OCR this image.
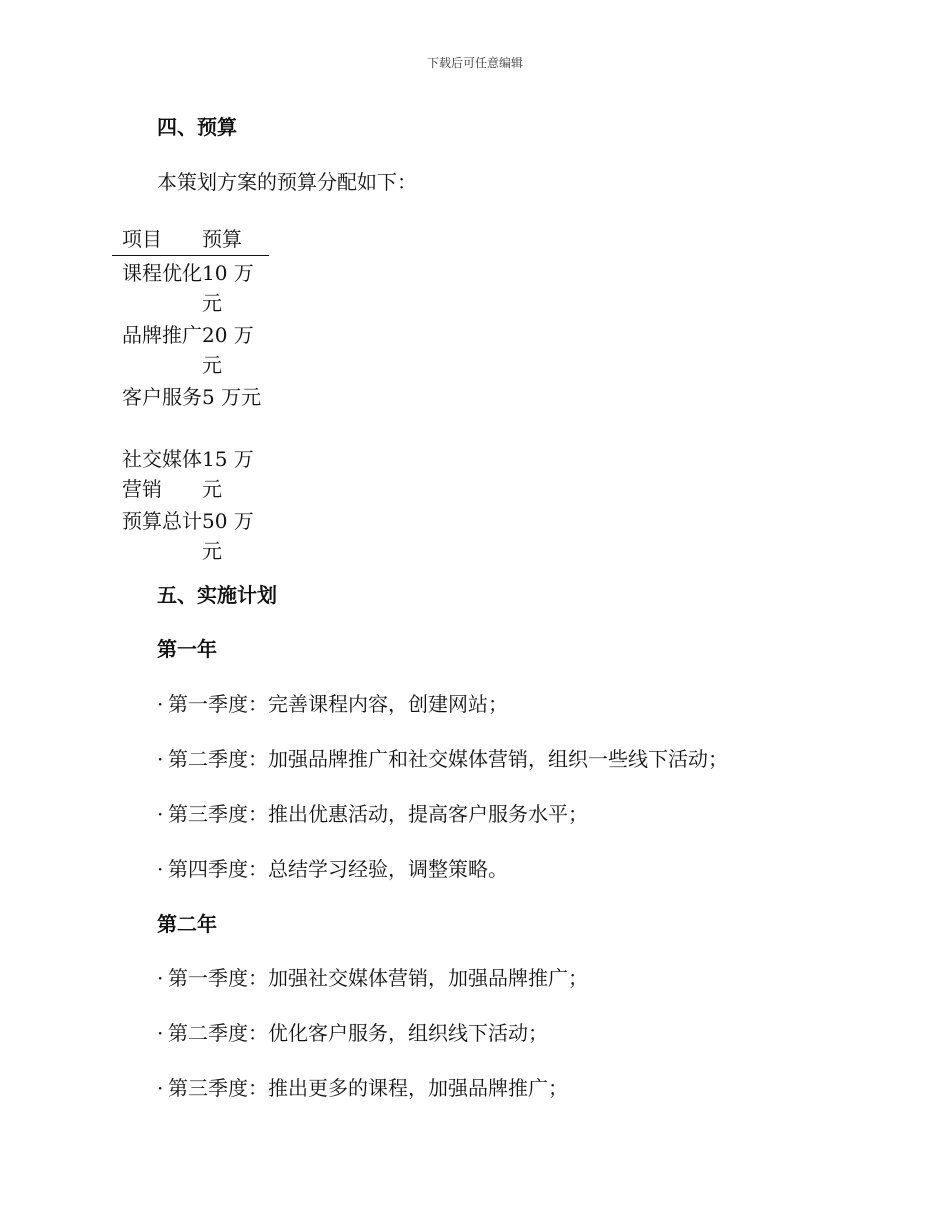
下载后可任意编辑
四、预算
本策划方案的预算分配如下：
项目	预算
课程优化 10 万元
品牌推广 20 万元
客户服务 5 万元
社交媒体营销
15 万元
预算总计 50 万元
五、实施计划
第一年
· 第一季度：完善课程内容，创建网站；
· 第二季度：加强品牌推广和社交媒体营销，组织一些线下活动；
· 第三季度：推出优惠活动，提高客户服务水平；
· 第四季度：总结学习经验，调整策略。
第二年
· 第一季度：加强社交媒体营销，加强品牌推广；
· 第二季度：优化客户服务，组织线下活动；
· 第三季度：推出更多的课程，加强品牌推广；
